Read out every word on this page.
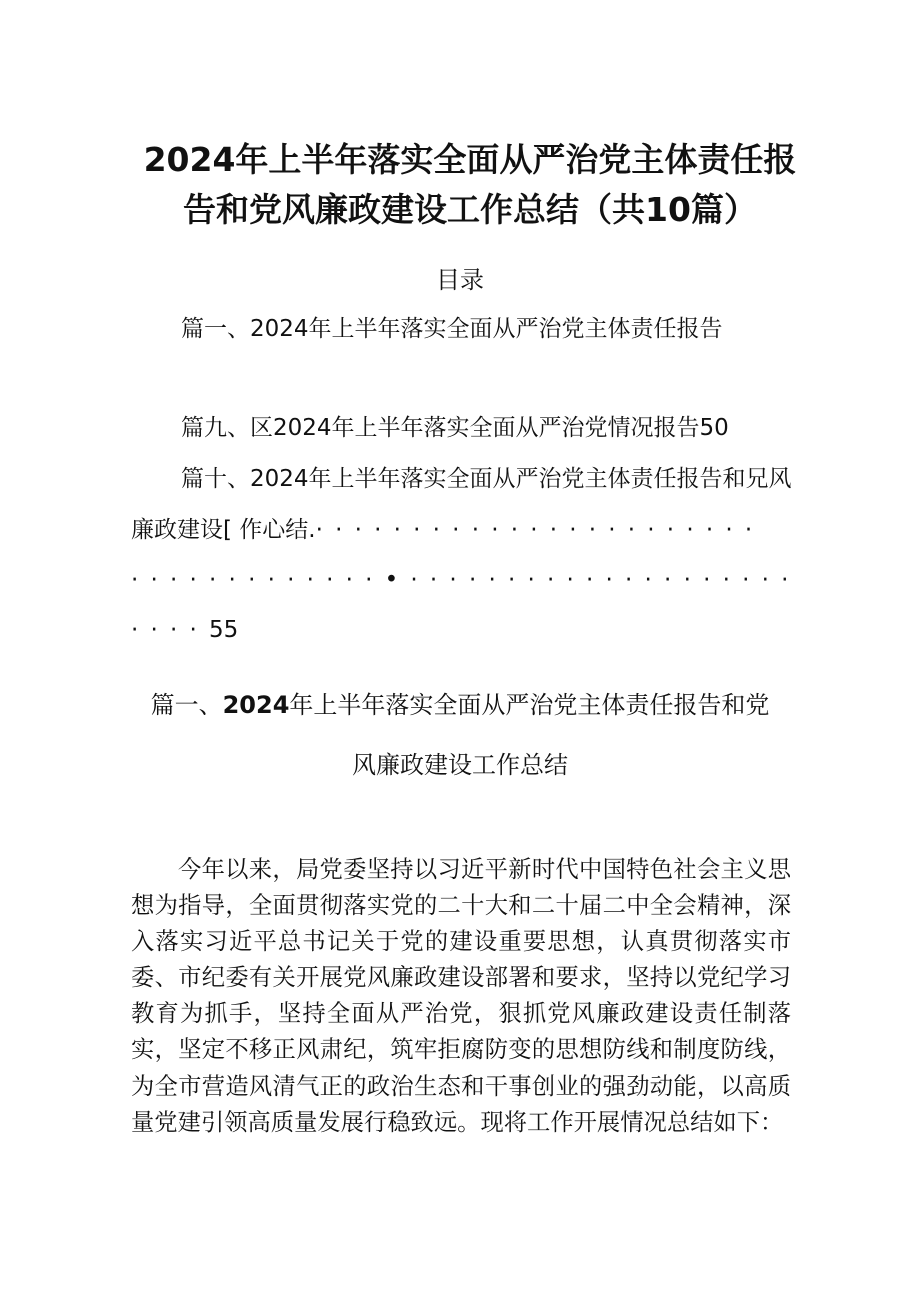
2024年上半年落实全面从严治党主体责任报
告和党风廉政建设工作总结（共10篇）
目录
篇一、2024年上半年落实全面从严治党主体责任报告
篇九、区2024年上半年落实全面从严治党情况报告50
篇十、2024年上半年落实全面从严治党主体责任报告和兄风
廉政建设[ 作心结.·······················
·············•····················
····55
篇一、2024年上半年落实全面从严治党主体责任报告和党
风廉政建设工作总结
今年以来，局党委坚持以习近平新时代中国特色社会主义思想为指导，全面贯彻落实党的二十大和二十届二中全会精神，深入落实习近平总书记关于党的建设重要思想，认真贯彻落实市委、市纪委有关开展党风廉政建设部署和要求，坚持以党纪学习教育为抓手，坚持全面从严治党，狠抓党风廉政建设责任制落实，坚定不移正风肃纪，筑牢拒腐防变的思想防线和制度防线，为全市营造风清气正的政治生态和干事创业的强劲动能，以高质量党建引领高质量发展行稳致远。现将工作开展情况总结如下：
